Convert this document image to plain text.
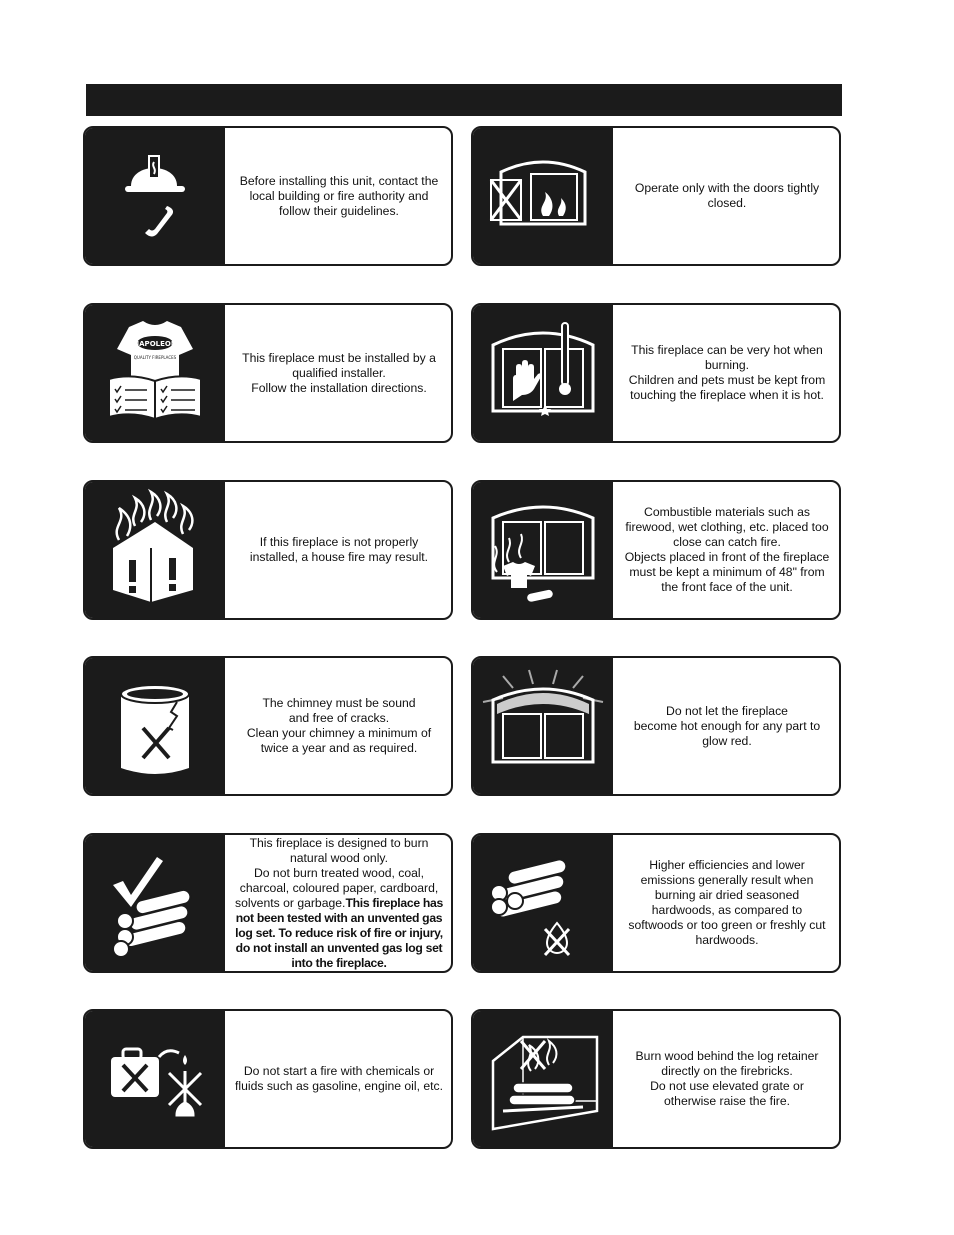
Before installing this unit, contact the
local building or fire authority and
follow their guidelines.

Operate only with the doors tightly
closed.

NAPOLEON
QUALITY FIREPLACES	This fireplace must be installed by a
qualified installer.
Follow the installation directions.

This fireplace can be very hot when
burning.
Children and pets must be kept from
touching the fireplace when it is hot.

If this fireplace is not properly
installed, a house fire may result.

Combustible materials such as
firewood, wet clothing, etc. placed too
close can catch fire.
Objects placed in front of the fireplace
must be kept a minimum of 48" from
the front face of the unit.

The chimney must be sound
and free of cracks.
Clean your chimney a minimum of
twice a year and as required.

Do not let the fireplace
become hot enough for any part to
glow red.

This fireplace is designed to burn
natural wood only.
Do not burn treated wood, coal,
charcoal, coloured paper, cardboard,
solvents or garbage.This fireplace has
not been tested with an unvented gas
log set. To reduce risk of fire or injury,
do not install an unvented gas log set
into the fireplace.

Higher efficiencies and lower
emissions generally result when
burning air dried seasoned
hardwoods, as compared to
softwoods or too green or freshly cut
hardwoods.

Do not start a fire with chemicals or
fluids such as gasoline, engine oil, etc.

Burn wood behind the log retainer
directly on the firebricks.
Do not use elevated grate or
otherwise raise the fire.
